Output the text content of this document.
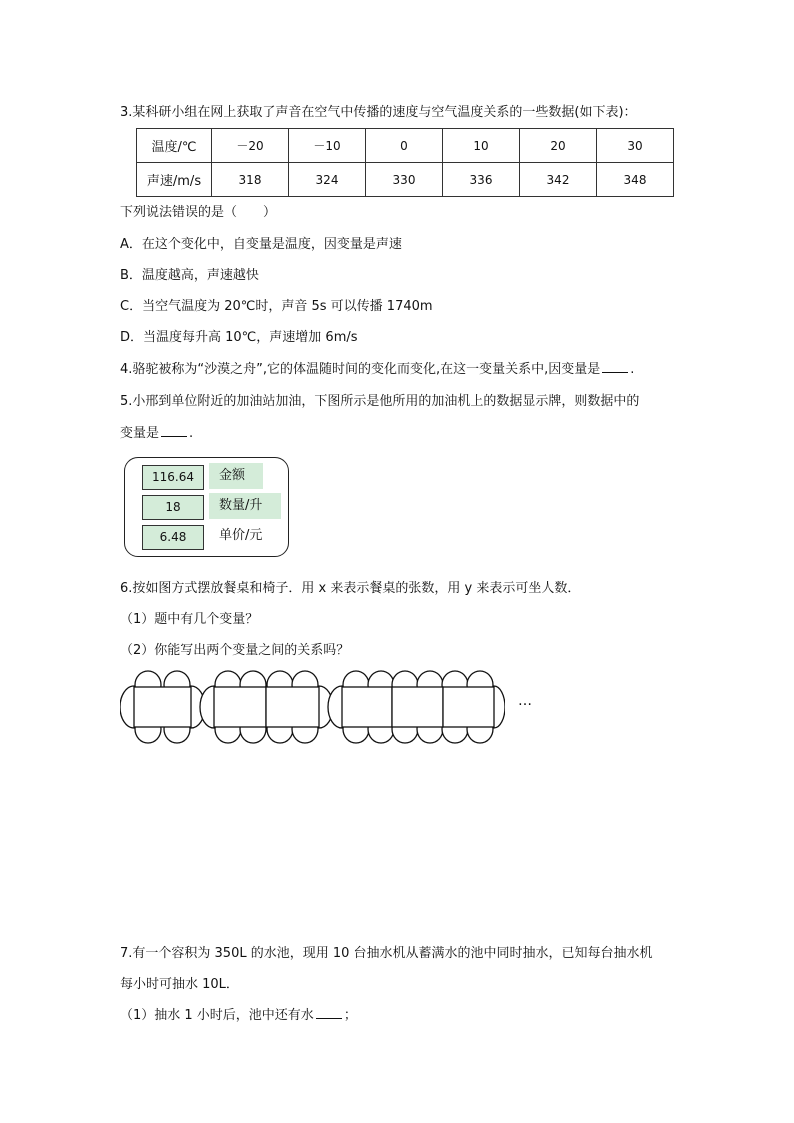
3.某科研小组在网上获取了声音在空气中传播的速度与空气温度关系的一些数据(如下表)：
温度/℃	－20	－10	0	10	20	30
声速/m/s	318	324	330	336	342	348
下列说法错误的是（　　）
A．在这个变化中，自变量是温度，因变量是声速
B．温度越高，声速越快
C．当空气温度为 20℃时，声音 5s 可以传播 1740m
D．当温度每升高 10℃，声速增加 6m/s
4.骆驼被称为“沙漠之舟”,它的体温随时间的变化而变化,在这一变量关系中,因变量是 .
5.小邢到单位附近的加油站加油，下图所示是他所用的加油机上的数据显示牌，则数据中的
变量是 .
116.64	金额
18	数量/升
6.48	单价/元
6.按如图方式摆放餐桌和椅子．用 x 来表示餐桌的张数，用 y 来表示可坐人数．
（1）题中有几个变量？
（2）你能写出两个变量之间的关系吗？
…
7.有一个容积为 350L 的水池，现用 10 台抽水机从蓄满水的池中同时抽水，已知每台抽水机
每小时可抽水 10L．
（1）抽水 1 小时后，池中还有水 ；
